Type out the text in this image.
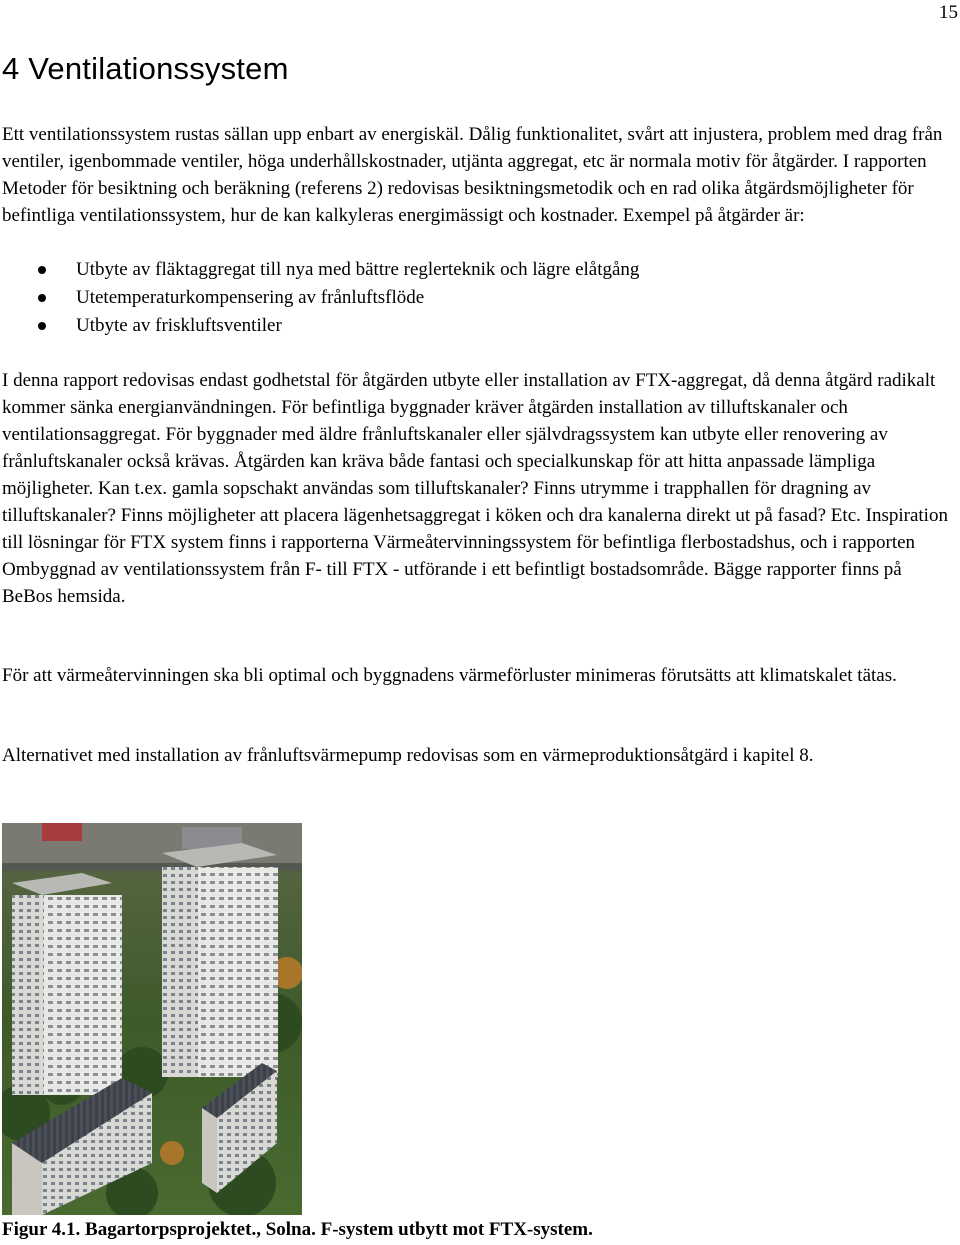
15
4 Ventilationssystem

Ett ventilationssystem rustas sällan upp enbart av energiskäl. Dålig funktionalitet, svårt att injustera, problem med drag från ventiler, igenbommade ventiler, höga underhållskostnader, utjänta aggregat, etc är normala motiv för åtgärder. I rapporten Metoder för besiktning och beräkning (referens 2) redovisas besiktningsmetodik och en rad olika åtgärdsmöjligheter för befintliga ventilationssystem, hur de kan kalkyleras energimässigt och kostnader. Exempel på åtgärder är:

Utbyte av fläktaggregat till nya med bättre reglerteknik och lägre elåtgång
Utetemperaturkompensering av frånluftsflöde
Utbyte av friskluftsventiler

I denna rapport redovisas endast godhetstal för åtgärden utbyte eller installation av FTX-aggregat, då denna åtgärd radikalt kommer sänka energianvändningen. För befintliga byggnader kräver åtgärden installation av tilluftskanaler och ventilationsaggregat. För byggnader med äldre frånluftskanaler eller självdragssystem kan utbyte eller renovering av frånluftskanaler också krävas. Åtgärden kan kräva både fantasi och specialkunskap för att hitta anpassade lämpliga möjligheter. Kan t.ex. gamla sopschakt användas som tilluftskanaler? Finns utrymme i trapphallen för dragning av tilluftskanaler? Finns möjligheter att placera lägenhetsaggregat i köken och dra kanalerna direkt ut på fasad? Etc. Inspiration till lösningar för FTX system finns i rapporterna Värmeåtervinningssystem för befintliga flerbostadshus, och i rapporten Ombyggnad av ventilationssystem från F- till FTX - utförande i ett befintligt bostadsområde. Bägge rapporter finns på BeBos hemsida.

För att värmeåtervinningen ska bli optimal och byggnadens värmeförluster minimeras förutsätts att klimatskalet tätas.

Alternativet med installation av frånluftsvärmepump redovisas som en värmeproduktionsåtgärd i kapitel 8.

Figur 4.1. Bagartorpsprojektet., Solna. F-system utbytt mot FTX-system.
